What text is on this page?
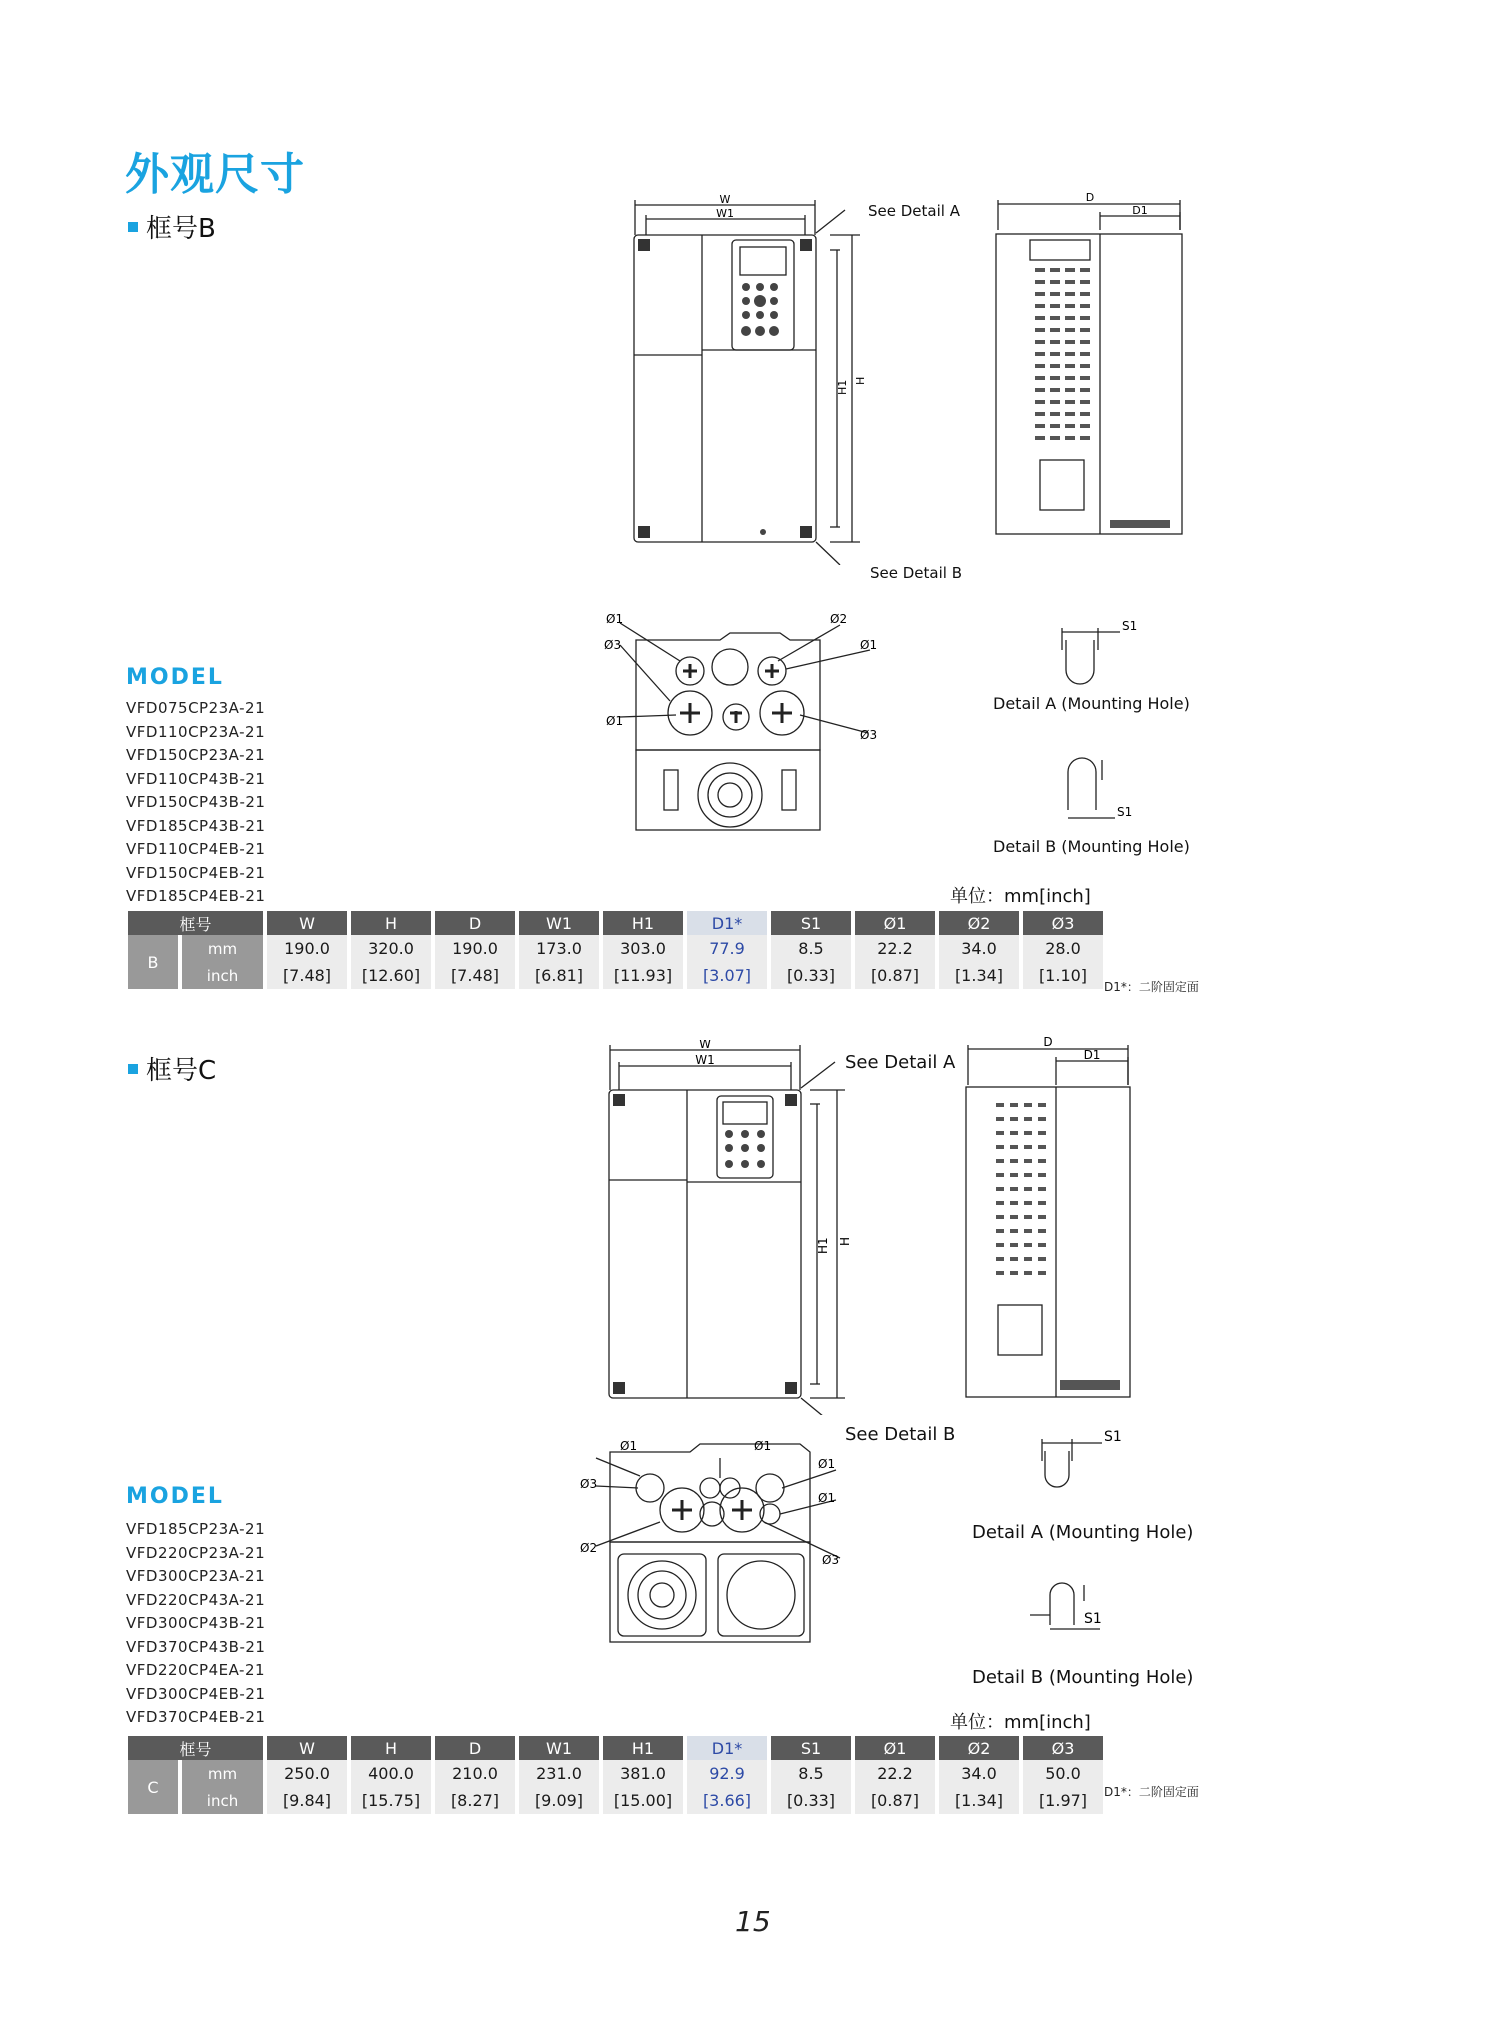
外观尺寸
框号B
W
W1
H
H1
See Detail A
See Detail B
D
D1
Ø1
Ø3
Ø1
Ø2
Ø1
Ø3
S1
S1
Detail A (Mounting Hole)
Detail B (Mounting Hole)
单位：mm[inch]
MODEL
VFD075CP23A-21
VFD110CP23A-21
VFD150CP23A-21
VFD110CP43B-21
VFD150CP43B-21
VFD185CP43B-21
VFD110CP4EB-21
VFD150CP4EB-21
VFD185CP4EB-21
框号		W	H	D	W1	H1	D1*	S1	Ø1	Ø2	Ø3
B	mm	190.0	320.0	190.0	173.0	303.0	77.9	8.5	22.2	34.0	28.0
	inch	[7.48]	[12.60]	[7.48]	[6.81]	[11.93]	[3.07]	[0.33]	[0.87]	[1.34]	[1.10]
D1*：二阶固定面
框号C
W
W1
H
H1
See Detail A
See Detail B
D
D1
Ø1
Ø3
Ø2
Ø1
Ø1
Ø1
Ø3
S1
S1
Detail A (Mounting Hole)
Detail B (Mounting Hole)
单位：mm[inch]
MODEL
VFD185CP23A-21
VFD220CP23A-21
VFD300CP23A-21
VFD220CP43A-21
VFD300CP43B-21
VFD370CP43B-21
VFD220CP4EA-21
VFD300CP4EB-21
VFD370CP4EB-21
框号		W	H	D	W1	H1	D1*	S1	Ø1	Ø2	Ø3
C	mm	250.0	400.0	210.0	231.0	381.0	92.9	8.5	22.2	34.0	50.0
	inch	[9.84]	[15.75]	[8.27]	[9.09]	[15.00]	[3.66]	[0.33]	[0.87]	[1.34]	[1.97] D1*：二阶固定面
15
